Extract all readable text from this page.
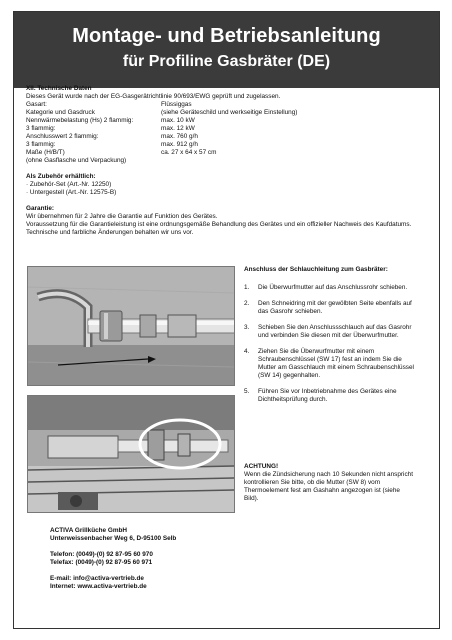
Montage- und Betriebsanleitung
für Profiline Gasbräter (DE)
XII. Technische Daten
Dieses Gerät wurde nach der EG-Gasgerätrichtlinie 90/693/EWG geprüft und zugelassen.
Gasart:	Flüssiggas
Kategorie und Gasdruck	(siehe Geräteschild und werkseitige Einstellung)
Nennwärmebelastung (Hs) 2 flammig:	max. 10 kW
3 flammig:	max. 12 kW
Anschlusswert 2 flammig:	max. 760 g/h
3 flammig:	max. 912 g/h
Maße (H/B/T)	ca. 27 x 64 x 57 cm
(ohne Gasflasche und Verpackung)
Als Zubehör erhältlich:
· Zubehör-Set (Art.-Nr. 12250)
· Untergestell (Art.-Nr. 12575-B)
Garantie:
Wir übernehmen für 2 Jahre die Garantie auf Funktion des Gerätes.
Voraussetzung für die Garantieleistung ist eine ordnungsgemäße Behandlung des Gerätes und ein offizieller Nachweis des Kaufdatums. Technische und farbliche Änderungen behalten wir uns vor.
Anschluss der Schlauchleitung zum Gasbräter:
1.	Die Überwurfmutter auf das Anschlussrohr schieben.
2.	Den Schneidring mit der gewölbten Seite ebenfalls auf das Gasrohr schieben.
3.	Schieben Sie den Anschlussschlauch auf das Gasrohr und verbinden Sie diesen mit der Überwurfmutter.
4.	Ziehen Sie die Überwurfmutter mit einem Schraubenschlüssel (SW 17) fest an indem Sie die Mutter am Gasschlauch mit einem Schraubenschlüssel (SW 14) gegenhalten.
5.	Führen Sie vor Inbetriebnahme des Gerätes eine Dichtheitsprüfung durch.
ACHTUNG!
Wenn die Zündsicherung nach 10 Sekunden nicht anspricht kontrollieren Sie bitte, ob die Mutter (SW 8) vom Thermoelement fest am Gashahn angezogen ist (siehe Bild).
ACTIVA Grillküche GmbH
Unterweissenbacher Weg 6, D-95100 Selb
Telefon: (0049)-(0) 92 87-95 60 970
Telefax: (0049)-(0) 92 87-95 60 971
E-mail: info@activa-vertrieb.de
Internet: www.activa-vertrieb.de
